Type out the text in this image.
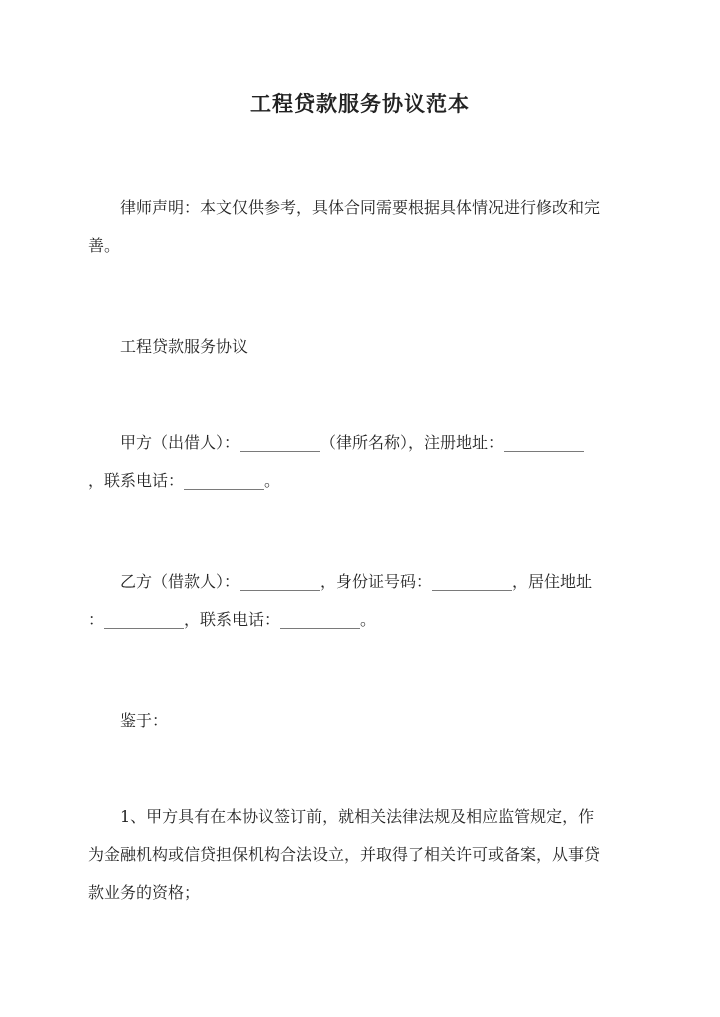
工程贷款服务协议范本
律师声明：本文仅供参考，具体合同需要根据具体情况进行修改和完
善。
工程贷款服务协议
甲方（出借人）：__________（律所名称），注册地址：__________
，联系电话：__________。
乙方（借款人）：__________，身份证号码：__________，居住地址
：__________，联系电话：__________。
鉴于：
1、甲方具有在本协议签订前，就相关法律法规及相应监管规定，作
为金融机构或信贷担保机构合法设立，并取得了相关许可或备案，从事贷
款业务的资格；
